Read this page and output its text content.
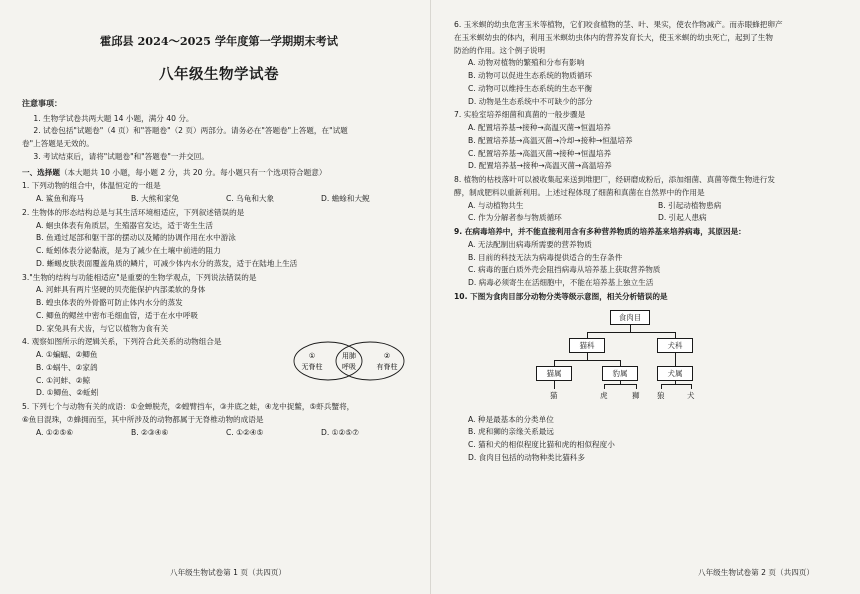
霍邱县 2024～2025 学年度第一学期期末考试
八年级生物学试卷
注意事项：
1. 生物学试卷共两大题 14 小题，满分 40 分。
2. 试卷包括"试题卷"（4 页）和"答题卷"（2 页）两部分。请务必在"答题卷"上答题，在"试题
卷"上答题是无效的。
3. 考试结束后，请将"试题卷"和"答题卷"一并交回。
一、选择题（本大题共 10 小题，每小题 2 分，共 20 分。每小题只有一个选项符合题意）
1. 下列动物的组合中，体温恒定的一组是
A. 鲨鱼和海马	B. 大熊和家兔	C. 乌龟和大象	D. 蟾蜍和大鲵
2. 生物体的形态结构总是与其生活环境相适应，下列叙述错误的是
A. 蛔虫体表有角质层，生殖器官发达，适于寄生生活
B. 鱼通过尾部和躯干部的摆动以及鳍的协调作用在水中游泳
C. 蚯蚓体表分泌黏液，是为了减少在土壤中前进的阻力
D. 蜥蜴皮肤表面覆盖角质的鳞片，可减少体内水分的蒸发，适于在陆地上生活
3."生物的结构与功能相适应"是重要的生物学观点，下列说法错误的是
A. 河蚌具有两片坚硬的贝壳能保护内部柔软的身体
B. 蝗虫体表的外骨骼可防止体内水分的蒸发
C. 鲫鱼的鳃丝中密布毛细血管，适于在水中呼吸
D. 家兔具有犬齿，与它以植物为食有关
4. 观察如图所示的逻辑关系，下列符合此关系的动物组合是
A. ①蝙蝠、②鲫鱼
B. ①蜗牛、②家鸽
C. ①河蚌、②鲸
D. ①鲫鱼、②蚯蚓
①
无脊柱
用肺
呼吸
②
有脊柱
5. 下列七个与动物有关的成语：①金蝉脱壳，②螳臂挡车，③井底之蛙，④龙中捉鳖，⑤虾兵蟹将，
⑥鱼目混珠，⑦蜂拥而至，其中所涉及的动物都属于无脊椎动物的成语是
A. ①②⑤⑥	B. ②③④⑥	C. ①②④⑤	D. ①②⑤⑦
八年级生物试卷第 1 页（共四页）
6. 玉米螟的幼虫危害玉米等植物，它们咬食植物的茎、叶、果实，使农作物减产。而赤眼蜂把卵产
在玉米螟幼虫的体内，利用玉米螟幼虫体内的营养发育长大，使玉米螟的幼虫死亡，起到了生物
防治的作用。这个例子说明
A. 动物对植物的繁殖和分布有影响
B. 动物可以促进生态系统的物质循环
C. 动物可以维持生态系统的生态平衡
D. 动物是生态系统中不可缺少的部分
7. 实验室培养细菌和真菌的一般步骤是
A. 配置培养基→接种→高温灭菌→恒温培养
B. 配置培养基→高温灭菌→冷却→接种→恒温培养
C. 配置培养基→高温灭菌→接种→恒温培养
D. 配置培养基→接种→高温灭菌→高温培养
8. 植物的枯枝落叶可以被收集起来送到堆肥厂，经研磨成粉后，添加细菌、真菌等微生物进行发
酵，制成肥料以重新利用。上述过程体现了细菌和真菌在自然界中的作用是
A. 与动植物共生	B. 引起动植物患病
C. 作为分解者参与物质循环	D. 引起人患病
9. 在病毒培养中，并不能直接利用含有多种营养物质的培养基来培养病毒，其原因是：
A. 无法配制出病毒所需要的营养物质
B. 目前的科技无法为病毒提供适合的生存条件
C. 病毒的蛋白质外壳会阻挡病毒从培养基上获取营养物质
D. 病毒必须寄生在活细胞中，不能在培养基上独立生活
10. 下图为食肉目部分动物分类等级示意图，相关分析错误的是
食肉目
猫科	犬科
猫属	豹属	犬属
猫	虎	狮 狼	犬
A. 种是最基本的分类单位
B. 虎和狮的亲缘关系最远
C. 猫和犬的相似程度比猫和虎的相似程度小
D. 食肉目包括的动物种类比猫科多
八年级生物试卷第 2 页（共四页）
